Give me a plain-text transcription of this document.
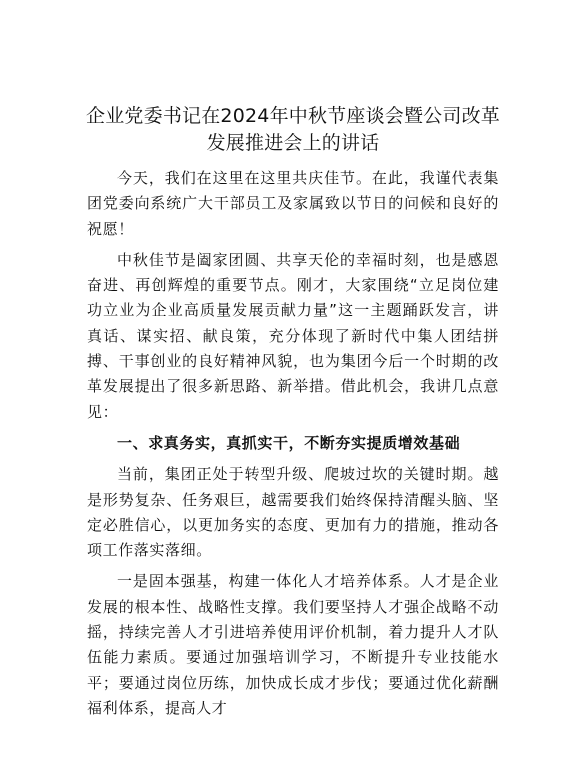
企业党委书记在2024年中秋节座谈会暨公司改革发展推进会上的讲话

今天，我们在这里在这里共庆佳节。在此，我谨代表集团党委向系统广大干部员工及家属致以节日的问候和良好的祝愿！

中秋佳节是阖家团圆、共享天伦的幸福时刻，也是感恩奋进、再创辉煌的重要节点。刚才，大家围绕“立足岗位建功立业为企业高质量发展贡献力量”这一主题踊跃发言，讲真话、谋实招、献良策，充分体现了新时代中集人团结拼搏、干事创业的良好精神风貌，也为集团今后一个时期的改革发展提出了很多新思路、新举措。借此机会，我讲几点意见：

一、求真务实，真抓实干，不断夯实提质增效基础

当前，集团正处于转型升级、爬坡过坎的关键时期。越是形势复杂、任务艰巨，越需要我们始终保持清醒头脑、坚定必胜信心，以更加务实的态度、更加有力的措施，推动各项工作落实落细。

一是固本强基，构建一体化人才培养体系。人才是企业发展的根本性、战略性支撑。我们要坚持人才强企战略不动摇，持续完善人才引进培养使用评价机制，着力提升人才队伍能力素质。要通过加强培训学习，不断提升专业技能水平；要通过岗位历练，加快成长成才步伐；要通过优化薪酬福利体系，提高人才
